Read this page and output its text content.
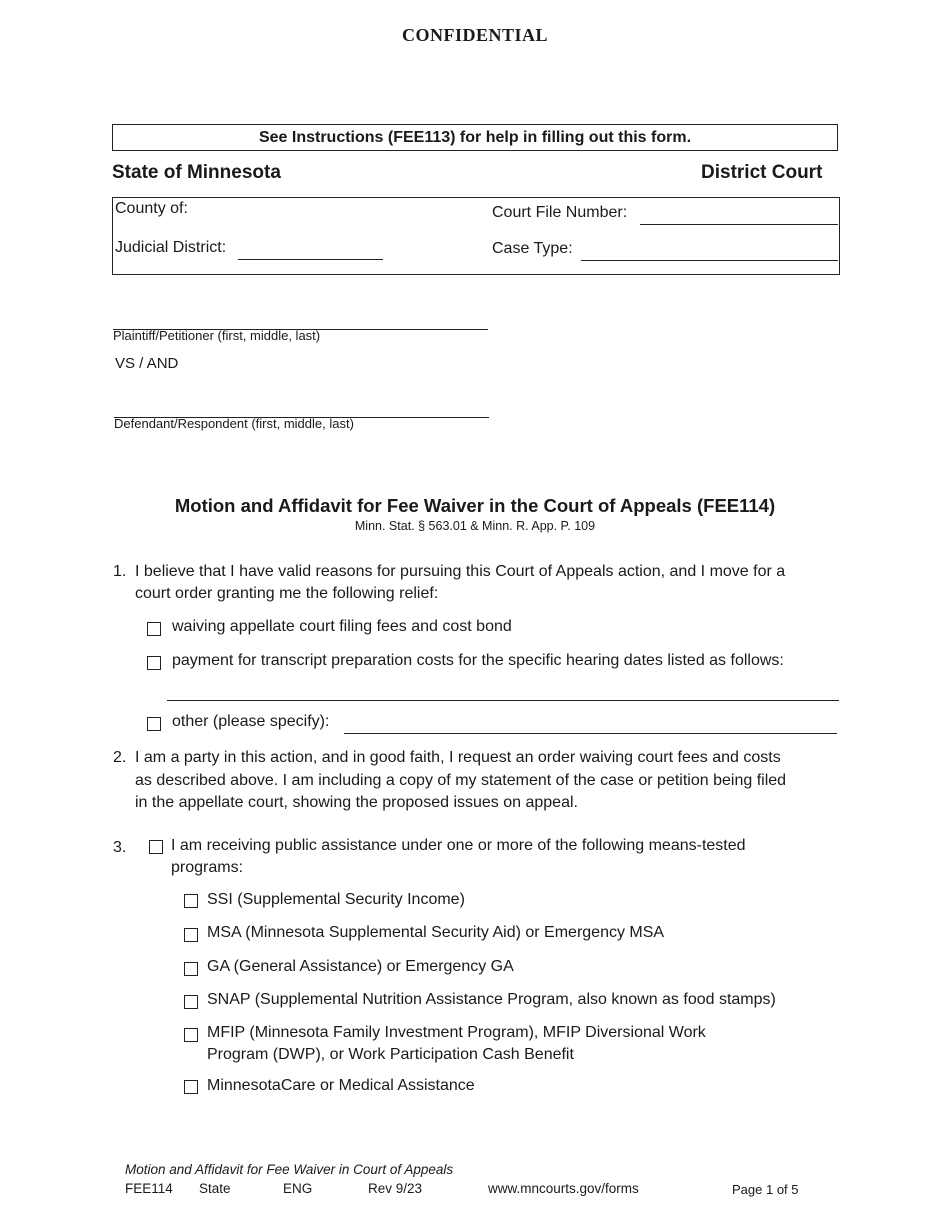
CONFIDENTIAL
See Instructions (FEE113) for help in filling out this form.
State of Minnesota	District Court
County of:
Judicial District:
Court File Number:
Case Type:
Plaintiff/Petitioner (first, middle, last)
VS / AND
Defendant/Respondent (first, middle, last)
Motion and Affidavit for Fee Waiver in the Court of Appeals (FEE114)
Minn. Stat. § 563.01 & Minn. R. App. P. 109
1. I believe that I have valid reasons for pursuing this Court of Appeals action, and I move for a
court order granting me the following relief:
waiving appellate court filing fees and cost bond
payment for transcript preparation costs for the specific hearing dates listed as follows:
other (please specify):
2. I am a party in this action, and in good faith, I request an order waiving court fees and costs
as described above. I am including a copy of my statement of the case or petition being filed
in the appellate court, showing the proposed issues on appeal.
3.	I am receiving public assistance under one or more of the following means-tested
programs:
SSI (Supplemental Security Income)
MSA (Minnesota Supplemental Security Aid) or Emergency MSA
GA (General Assistance) or Emergency GA
SNAP (Supplemental Nutrition Assistance Program, also known as food stamps)
MFIP (Minnesota Family Investment Program), MFIP Diversional Work
Program (DWP), or Work Participation Cash Benefit
MinnesotaCare or Medical Assistance
Motion and Affidavit for Fee Waiver in Court of Appeals
FEE114 State	ENG	Rev 9/23	www.mncourts.gov/forms	Page 1 of 5
